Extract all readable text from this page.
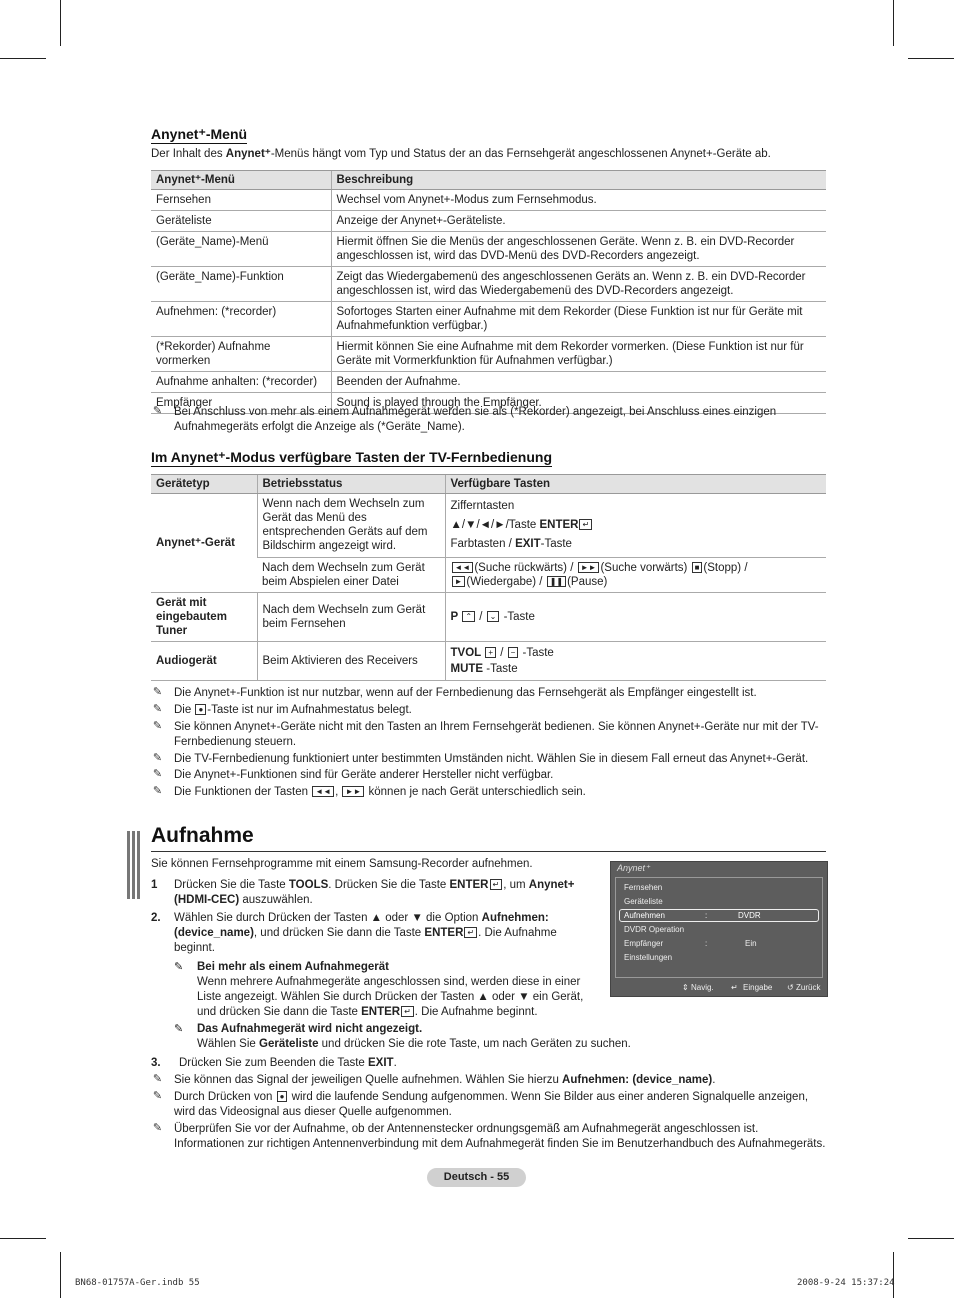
Anynet⁺-Menü
Der Inhalt des Anynet⁺-Menüs hängt vom Typ und Status der an das Fernsehgerät angeschlossenen Anynet+-Geräte ab.
Anynet⁺-Menü	Beschreibung
Fernsehen	Wechsel vom Anynet+-Modus zum Fernsehmodus.
Geräteliste	Anzeige der Anynet+-Geräteliste.
(Geräte_Name)-Menü	Hiermit öffnen Sie die Menüs der angeschlossenen Geräte. Wenn z. B. ein DVD-Recorder angeschlossen ist, wird das DVD-Menü des DVD-Recorders angezeigt.
(Geräte_Name)-Funktion	Zeigt das Wiedergabemenü des angeschlossenen Geräts an. Wenn z. B. ein DVD-Recorder angeschlossen ist, wird das Wiedergabemenü des DVD-Recorders angezeigt.
Aufnehmen: (*recorder)	Sofortoges Starten einer Aufnahme mit dem Rekorder (Diese Funktion ist nur für Geräte mit Aufnahmefunktion verfügbar.)
(*Rekorder) Aufnahme vormerken	Hiermit können Sie eine Aufnahme mit dem Rekorder vormerken. (Diese Funktion ist nur für Geräte mit Vormerkfunktion für Aufnahmen verfügbar.)
Aufnahme anhalten: (*recorder)	Beenden der Aufnahme.
Empfänger	Sound is played through the Empfänger.
✎ Bei Anschluss von mehr als einem Aufnahmegerät werden sie als (*Rekorder) angezeigt, bei Anschluss eines einzigen Aufnahmegeräts erfolgt die Anzeige als (*Geräte_Name).
Im Anynet⁺-Modus verfügbare Tasten der TV-Fernbedienung
Gerätetyp	Betriebsstatus	Verfügbare Tasten
Anynet⁺-Gerät	Wenn nach dem Wechseln zum Gerät das Menü des entsprechenden Geräts auf dem Bildschirm angezeigt wird.	Zifferntasten
▲/▼/◄/►/Taste ENTER ↵
Farbtasten / EXIT-Taste

	Nach dem Wechseln zum Gerät beim Abspielen einer Datei	◄◄ (Suche rückwärts) / ►► (Suche vorwärts) ■ (Stopp) /
► (Wiedergabe) / ❚❚ (Pause)
Gerät mit eingebautem Tuner	Nach dem Wechseln zum Gerät beim Fernsehen	P ⌃ / ⌄ -Taste
Audiogerät	Beim Aktivieren des Receivers	TVOL + / − -Taste
MUTE -Taste
✎ Die Anynet+-Funktion ist nur nutzbar, wenn auf der Fernbedienung das Fernsehgerät als Empfänger eingestellt ist.
✎ Die ● -Taste ist nur im Aufnahmestatus belegt.
✎ Sie können Anynet+-Geräte nicht mit den Tasten an Ihrem Fernsehgerät bedienen. Sie können Anynet+-Geräte nur mit der TV-Fernbedienung steuern.
✎ Die TV-Fernbedienung funktioniert unter bestimmten Umständen nicht. Wählen Sie in diesem Fall erneut das Anynet+-Gerät.
✎ Die Anynet+-Funktionen sind für Geräte anderer Hersteller nicht verfügbar.
✎ Die Funktionen der Tasten ◄◄ , ►► können je nach Gerät unterschiedlich sein.
Aufnahme
Sie können Fernsehprogramme mit einem Samsung-Recorder aufnehmen.
1 Drücken Sie die Taste TOOLS. Drücken Sie die Taste ENTER ↵ , um Anynet+ (HDMI-CEC) auszuwählen.
2. Wählen Sie durch Drücken der Tasten ▲ oder ▼ die Option Aufnehmen: (device_name), und drücken Sie dann die Taste ENTER ↵ . Die Aufnahme beginnt.
✎ Bei mehr als einem Aufnahmegerät
Wenn mehrere Aufnahmegeräte angeschlossen sind, werden diese in einer Liste angezeigt. Wählen Sie durch Drücken der Tasten ▲ oder ▼ ein Gerät, und drücken Sie dann die Taste ENTER ↵ . Die Aufnahme beginnt.
✎ Das Aufnahmegerät wird nicht angezeigt.
Wählen Sie Geräteliste und drücken Sie die rote Taste, um nach Geräten zu suchen.
3. Drücken Sie zum Beenden die Taste EXIT.
✎ Sie können das Signal der jeweiligen Quelle aufnehmen. Wählen Sie hierzu Aufnehmen: (device_name).
✎ Durch Drücken von ● wird die laufende Sendung aufgenommen. Wenn Sie Bilder aus einer anderen Signalquelle anzeigen, wird das Videosignal aus dieser Quelle aufgenommen.
✎ Überprüfen Sie vor der Aufnahme, ob der Antennenstecker ordnungsgemäß am Aufnahmegerät angeschlossen ist. Informationen zur richtigen Antennenverbindung mit dem Aufnahmegerät finden Sie im Benutzerhandbuch des Aufnahmegeräts.
Anynet⁺
Fernsehen
Geräteliste
Aufnehmen	:	DVDR
DVDR Operation
Empfänger	:	Ein
Einstellungen
⇕ Navig. ↵ Eingabe ↺ Zurück
Deutsch - 55
BN68-01757A-Ger.indb 55	2008-9-24 15:37:24
